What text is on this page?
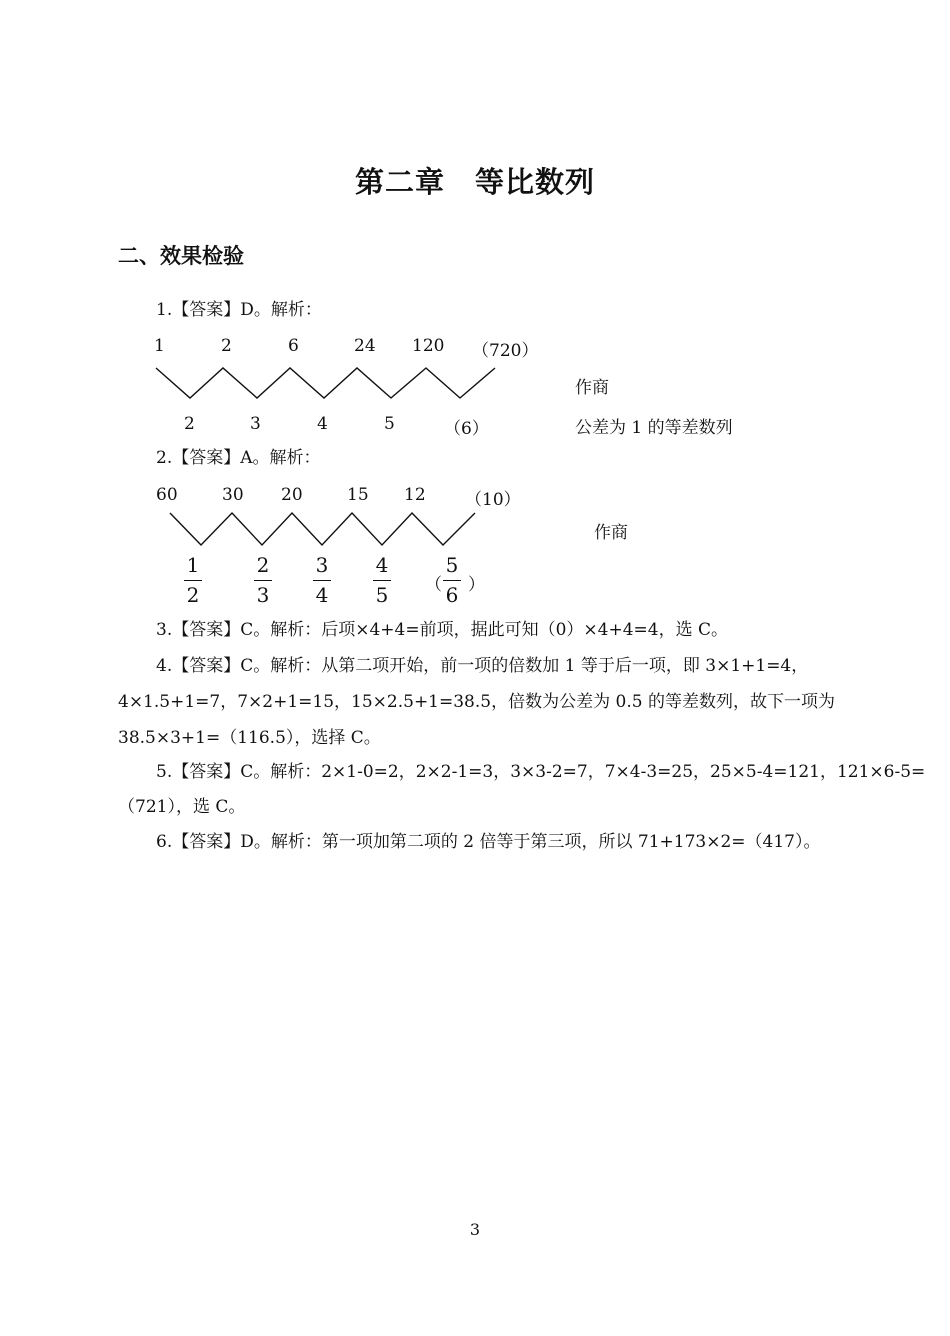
第二章　等比数列
二、效果检验
1.【答案】D。解析：
1	2	6	24 120 （720）
2	3	4	5	（6）
作商
公差为 1 的等差数列
2.【答案】A。解析：
60	30 20	15 12 （10）
1
2
2
3
3
4
4
5 （
5
6 ）
作商
3.【答案】C。解析：后项×4+4=前项，据此可知（0）×4+4=4，选 C。
4.【答案】C。解析：从第二项开始，前一项的倍数加 1 等于后一项，即 3×1+1=4，
4×1.5+1=7，7×2+1=15，15×2.5+1=38.5，倍数为公差为 0.5 的等差数列，故下一项为
38.5×3+1=（116.5），选择 C。
5.【答案】C。解析：2×1-0=2，2×2-1=3，3×3-2=7，7×4-3=25，25×5-4=121，121×6-5=
（721），选 C。
6.【答案】D。解析：第一项加第二项的 2 倍等于第三项，所以 71+173×2=（417）。
3
